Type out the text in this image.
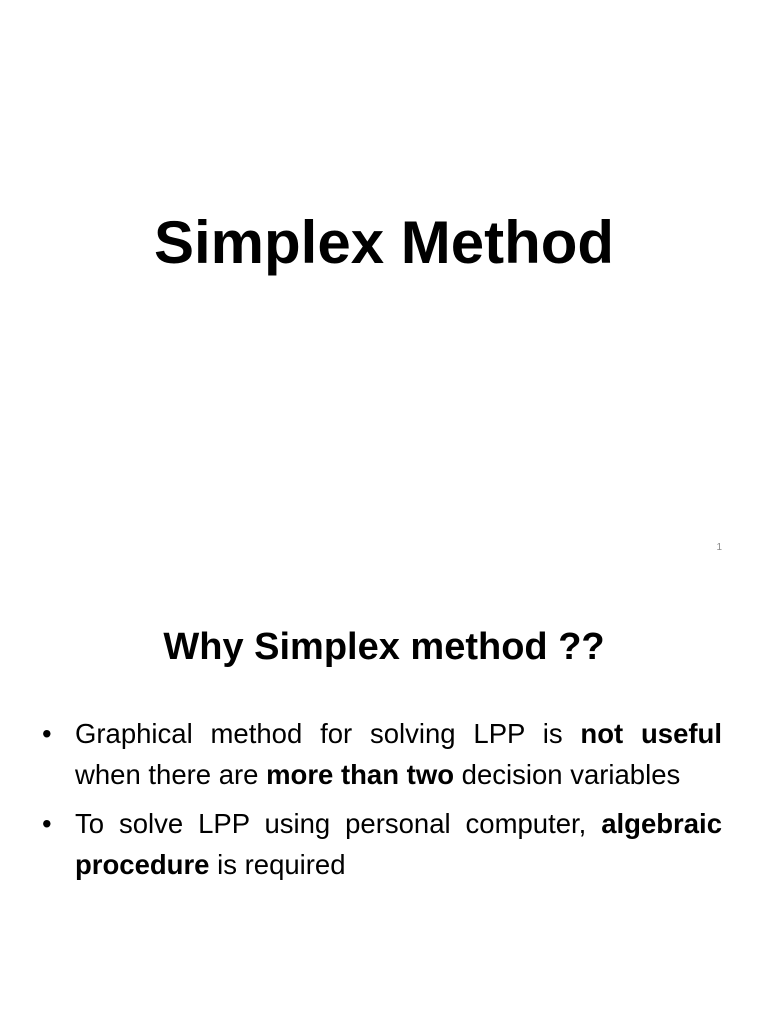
Simplex Method
1
Why Simplex method ??
• Graphical method for solving LPP is not useful when there are more than two decision variables
• To solve LPP using personal computer, algebraic procedure is required
